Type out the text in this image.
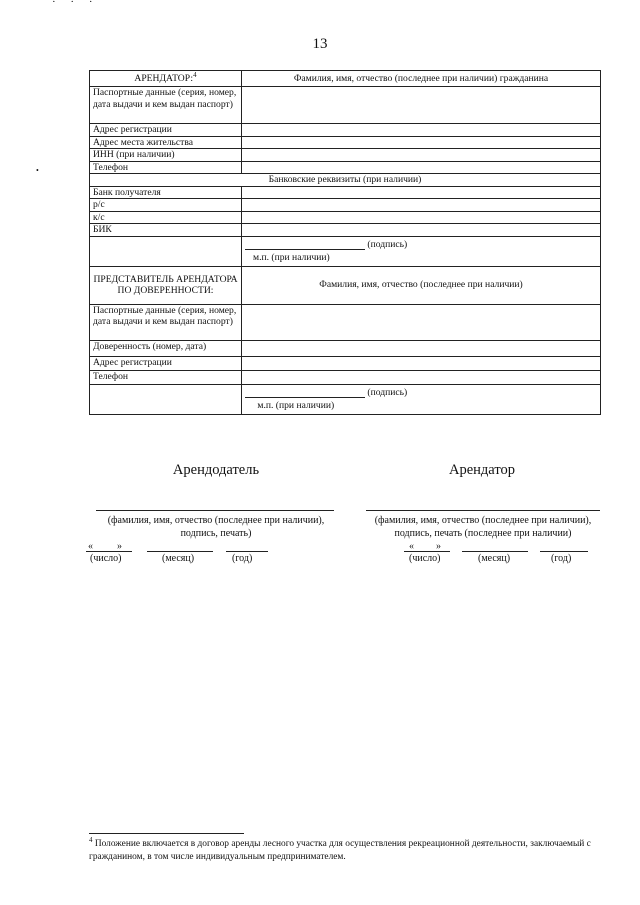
· · ·
•
13
АРЕНДАТОР:$^4$	Фамилия, имя, отчество (последнее при наличии) гражданина
Паспортные данные (серия, номер, дата выдачи и кем выдан паспорт)	
Адрес регистрации	
Адрес места жительства	
ИНН (при наличии)	
Телефон	
Банковские реквизиты (при наличии)	
Банк получателя	
р/с	
к/с	
БИК	

	(подпись)
м.п. (при наличии)

ПРЕДСТАВИТЕЛЬ АРЕНДАТОРА ПО ДОВЕРЕННОСТИ:	Фамилия, имя, отчество (последнее при наличии)
Паспортные данные (серия, номер, дата выдачи и кем выдан паспорт)	
Доверенность (номер, дата)	
Адрес регистрации	
Телефон	

	(подпись)
м.п. (при наличии)
Арендодатель
(фамилия, имя, отчество (последнее при наличии), подпись, печать)
« »
(число)	(месяц)	(год)
Арендатор
(фамилия, имя, отчество (последнее при наличии), подпись, печать (последнее при наличии)
« »
(число)	(месяц)	(год)
$^4$ Положение включается в договор аренды лесного участка для осуществления рекреационной деятельности, заключаемый с гражданином, в том числе индивидуальным предпринимателем.
